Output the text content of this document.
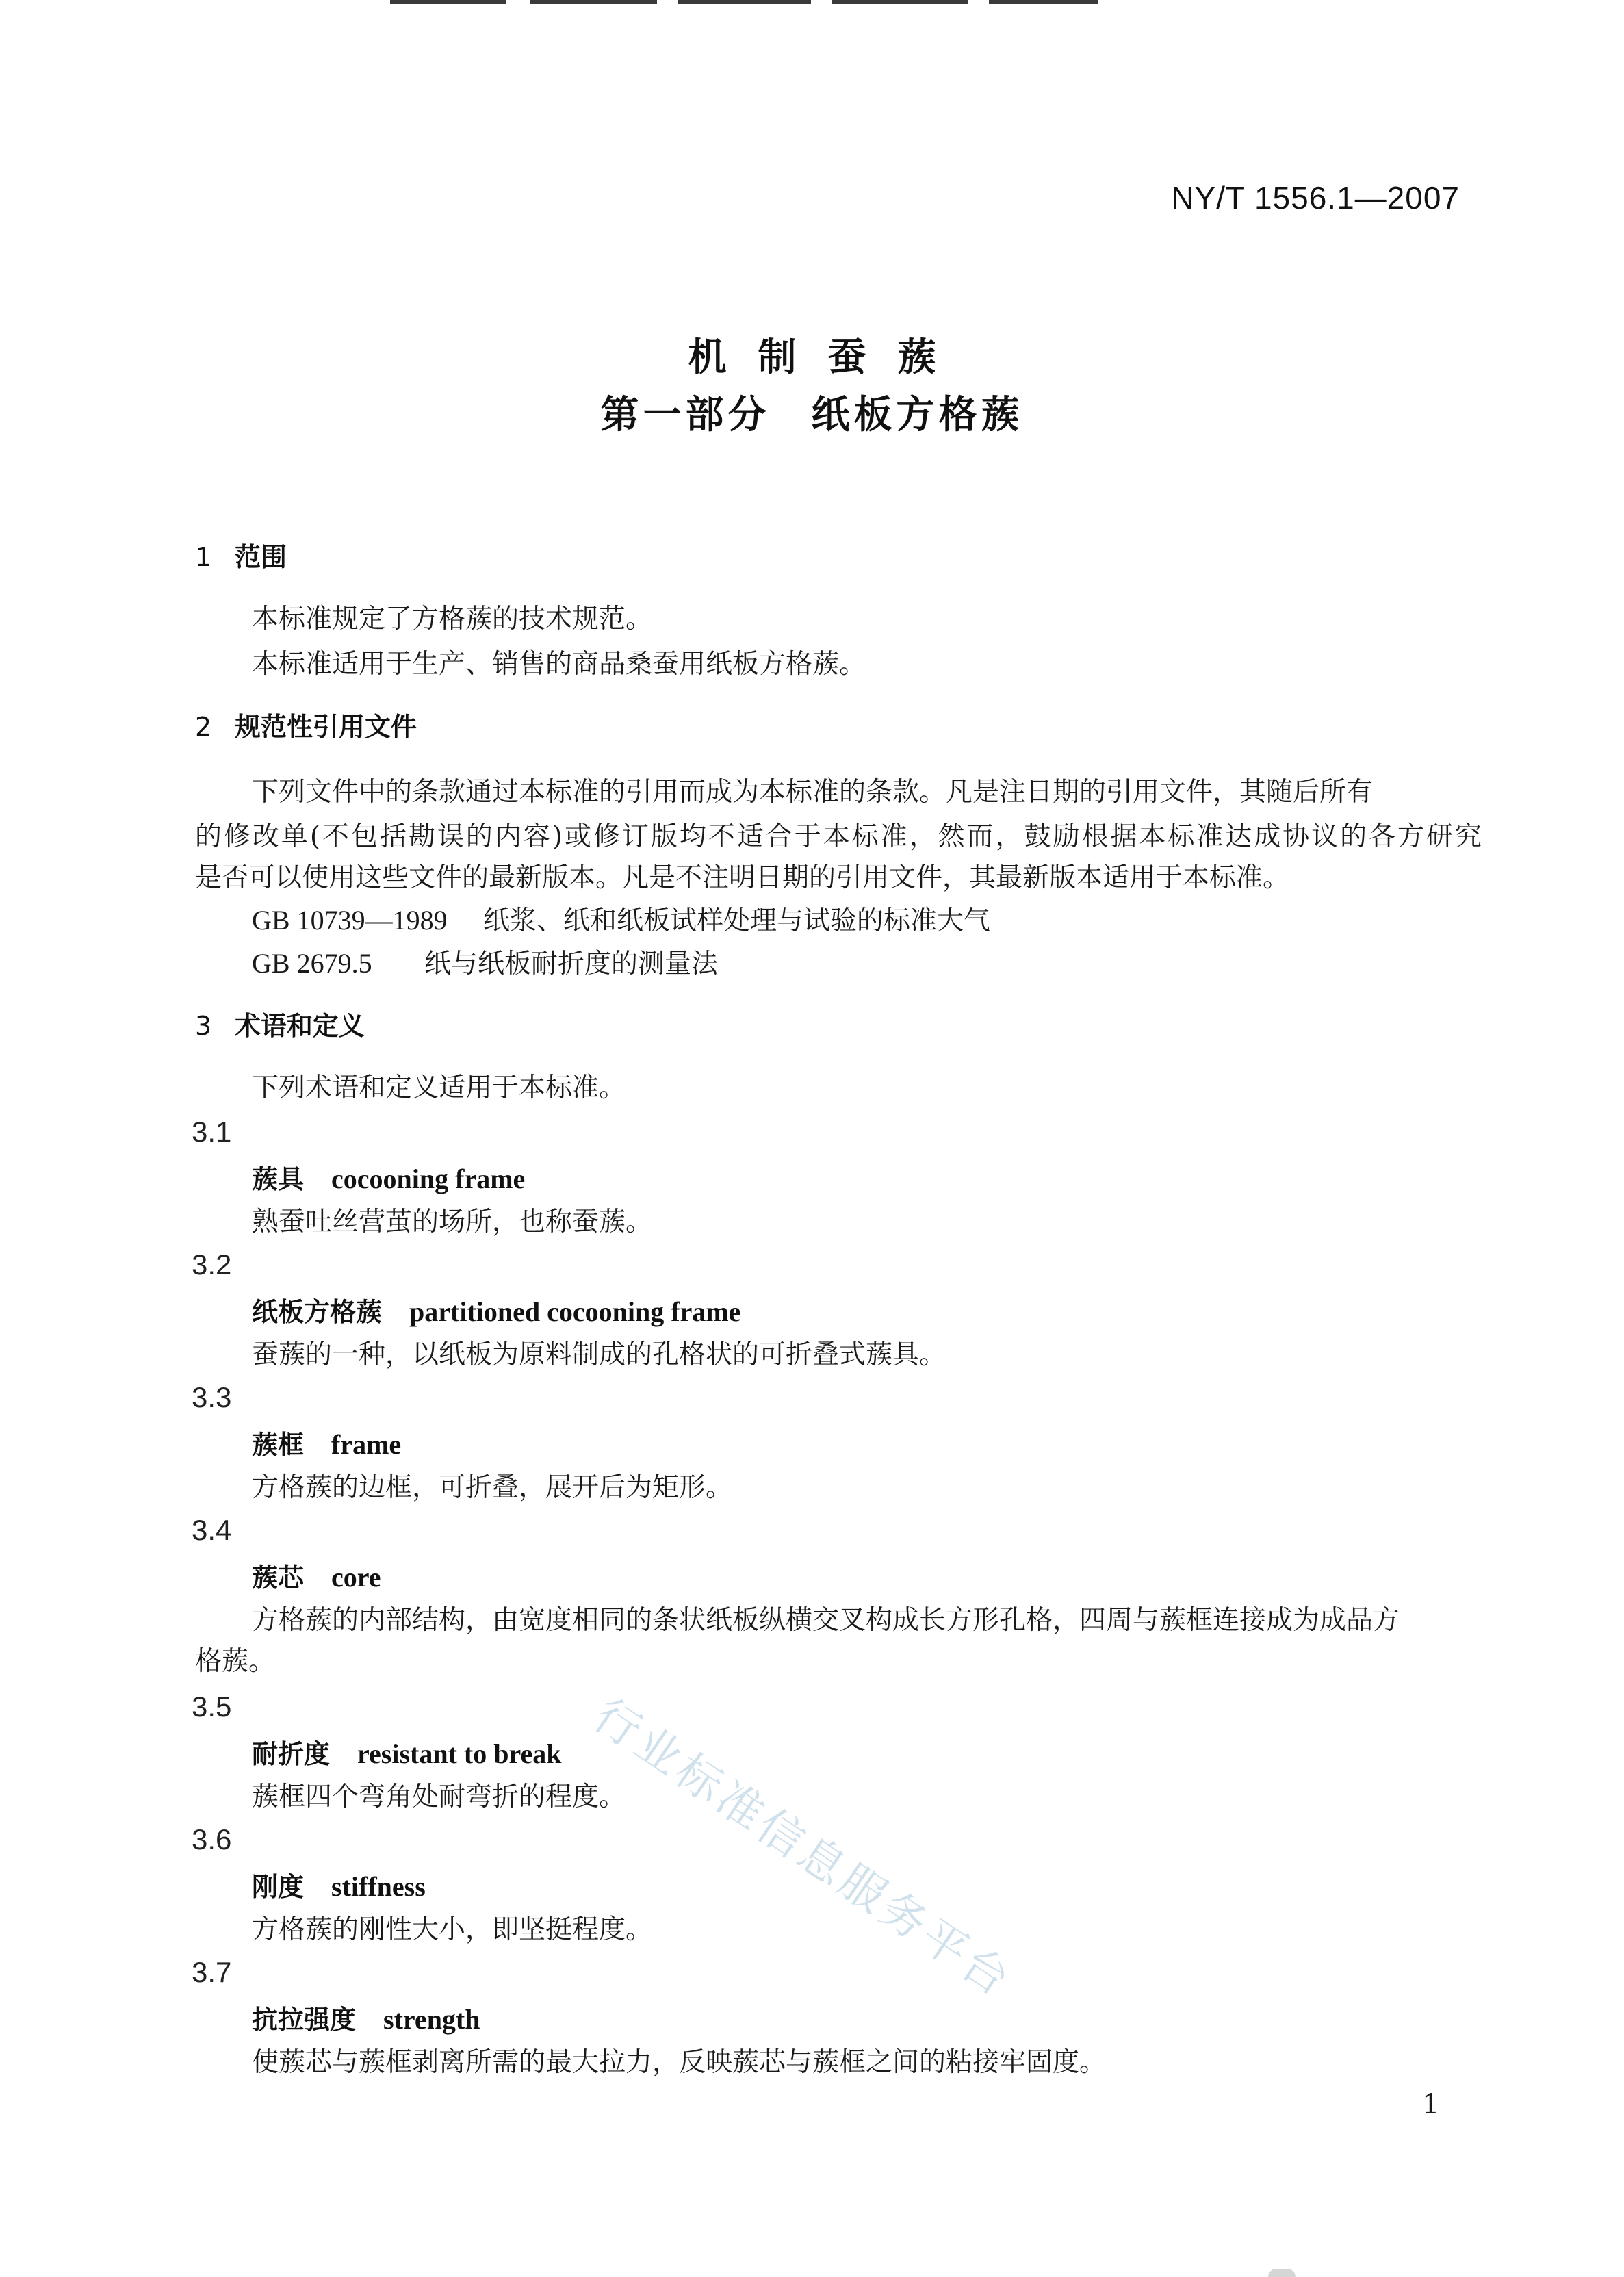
NY/T 1556.1—2007
机制蚕蔟
第一部分 纸板方格蔟
1 范围
本标准规定了方格蔟的技术规范。
本标准适用于生产、销售的商品桑蚕用纸板方格蔟。
2 规范性引用文件
下列文件中的条款通过本标准的引用而成为本标准的条款。凡是注日期的引用文件，其随后所有
的修改单(不包括勘误的内容)或修订版均不适合于本标准，然而，鼓励根据本标准达成协议的各方研究
是否可以使用这些文件的最新版本。凡是不注明日期的引用文件，其最新版本适用于本标准。
GB 10739—1989 纸浆、纸和纸板试样处理与试验的标准大气
GB 2679.5 纸与纸板耐折度的测量法
3 术语和定义
下列术语和定义适用于本标准。
3.1
蔟具 cocooning frame
熟蚕吐丝营茧的场所，也称蚕蔟。
3.2
纸板方格蔟 partitioned cocooning frame
蚕蔟的一种，以纸板为原料制成的孔格状的可折叠式蔟具。
3.3
蔟框 frame
方格蔟的边框，可折叠，展开后为矩形。
3.4
蔟芯 core
方格蔟的内部结构，由宽度相同的条状纸板纵横交叉构成长方形孔格，四周与蔟框连接成为成品方
格蔟。
3.5
耐折度 resistant to break
蔟框四个弯角处耐弯折的程度。
3.6
刚度 stiffness
方格蔟的刚性大小，即坚挺程度。
3.7
抗拉强度 strength
使蔟芯与蔟框剥离所需的最大拉力，反映蔟芯与蔟框之间的粘接牢固度。
行业标准信息服务平台
1
